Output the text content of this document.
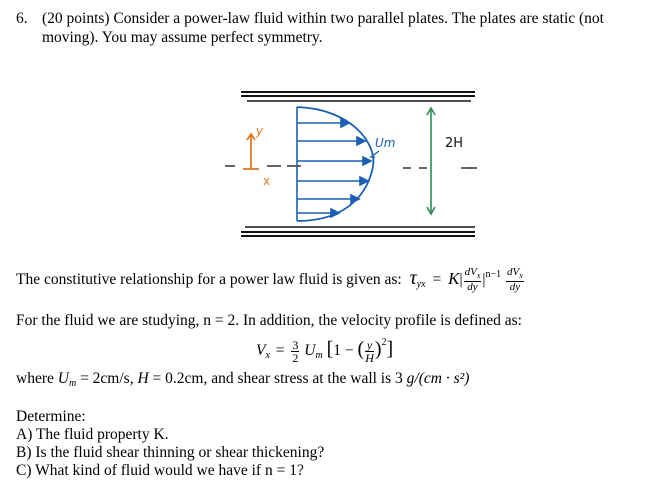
6. (20 points) Consider a power-law fluid within two parallel plates. The plates are static (not
moving). You may assume perfect symmetry.
y
x
Um	2H
The constitutive relationship for a power law fluid is given as: $\tau_{yx} = K| \frac{dV_x}{dy} |^{n-1} \frac{dV_x}{dy}$
For the fluid we are studying, n = 2. In addition, the velocity profile is defined as:
$V_x = \frac{3}{2} U_m$ [1 − ( $\frac{y}{H} )^2$]
where $U_m = 2cm/s$, H = 0.2cm, and shear stress at the wall is 3 g/(cm · s²)
Determine:
A) The fluid property K.
B) Is the fluid shear thinning or shear thickening?
C) What kind of fluid would we have if n = 1?
